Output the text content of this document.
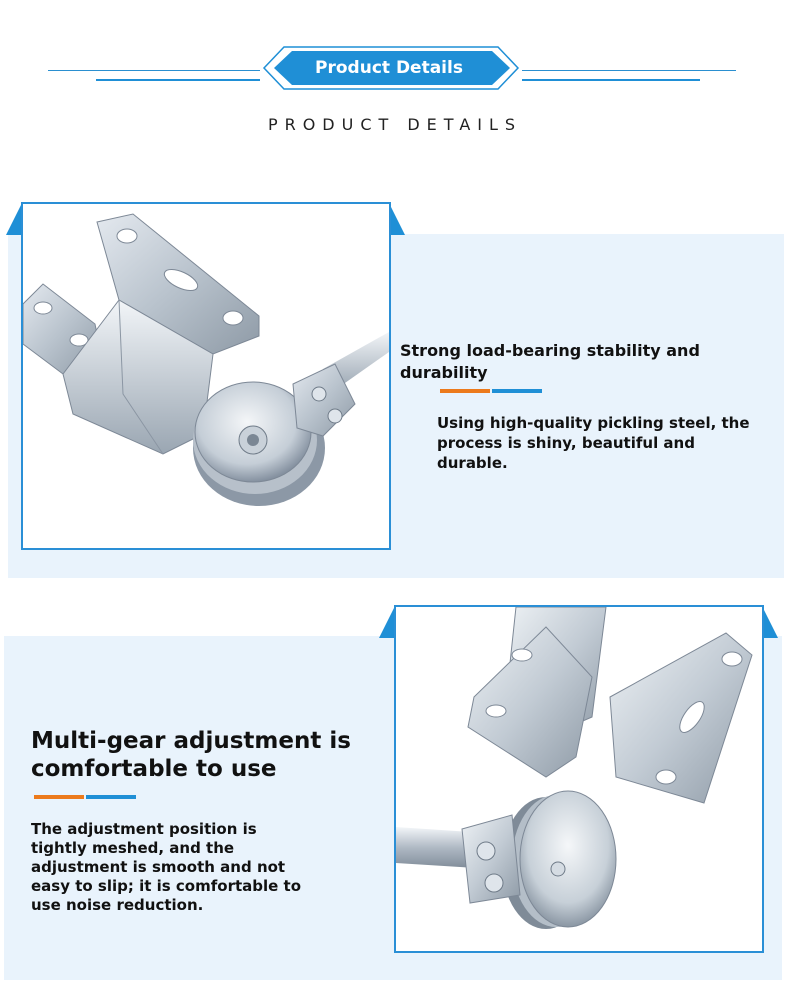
Product Details
PRODUCT DETAILS
Strong load-bearing stability and durability
Using high-quality pickling steel, the process is shiny, beautiful and durable.
Multi-gear adjustment is
comfortable to use
The adjustment position is
tightly meshed, and the
adjustment is smooth and not
easy to slip; it is comfortable to
use noise reduction.
